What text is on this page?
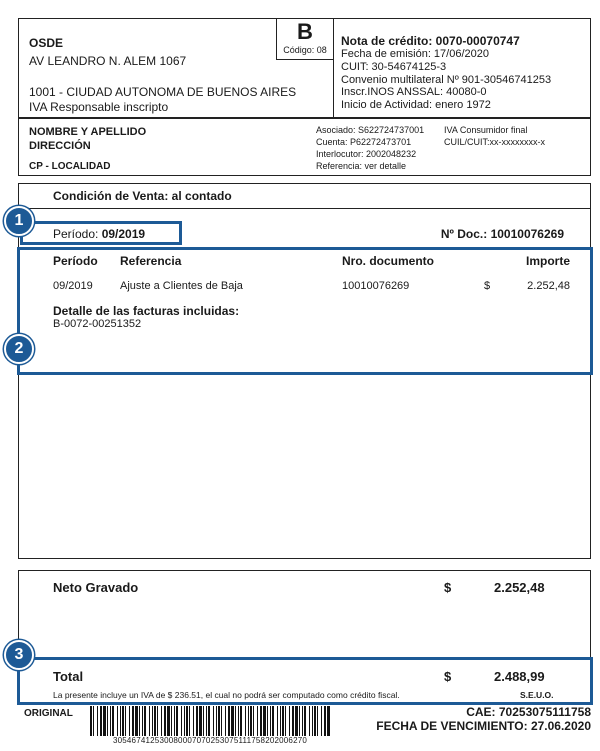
B
Código: 08
OSDE
AV LEANDRO N. ALEM 1067
1001 - CIUDAD AUTONOMA DE BUENOS AIRES
IVA Responsable inscripto
Nota de crédito: 0070-00070747
Fecha de emisión: 17/06/2020
CUIT: 30-54674125-3
Convenio multilateral Nº 901-30546741253
Inscr.INOS ANSSAL: 40080-0
Inicio de Actividad: enero 1972
NOMBRE Y APELLIDO
DIRECCIÓN
CP - LOCALIDAD
Asociado: S622724737001
Cuenta: P62272473701
Interlocutor: 2002048232
Referencia: ver detalle
IVA Consumidor final
CUIL/CUIT:xx-xxxxxxxx-x
Condición de Venta: al contado
Período: 09/2019	Nº Doc.: 10010076269
Período Referencia	Nro. documento	Importe
09/2019 Ajuste a Clientes de Baja	10010076269	$	2.252,48
Detalle de las facturas incluidas:
B-0072-00251352
Neto Gravado	$	2.252,48
Total	$	2.488,99
La presente incluye un IVA de $ 236.51, el cual no podrá ser computado como crédito fiscal.	S.E.U.O.
1
2
3
ORIGINAL
30546741253008000707025307511175820200627​0
CAE: 70253075111758
FECHA DE VENCIMIENTO: 27.06.2020
